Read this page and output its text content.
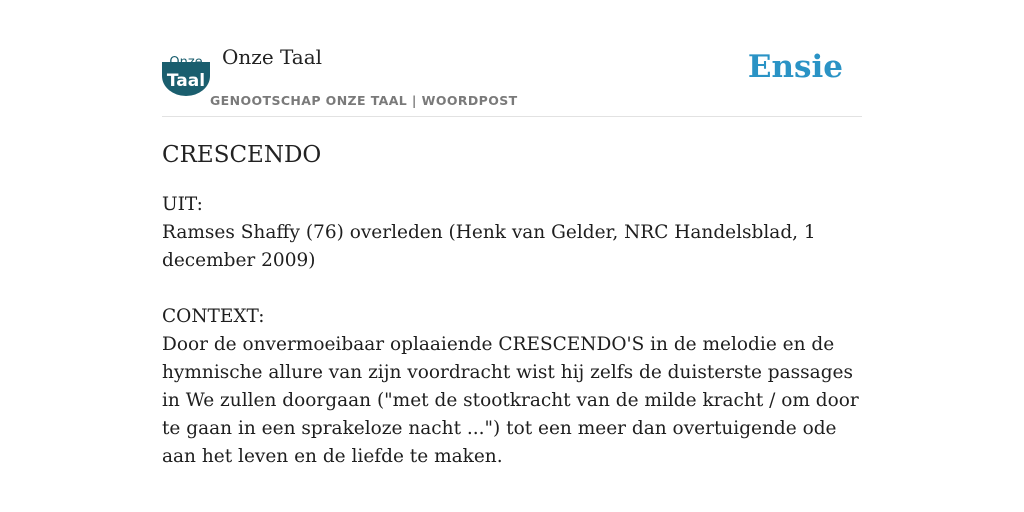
Onze
Taal
Onze Taal
GENOOTSCHAP ONZE TAAL | WOORDPOST
Ensie
CRESCENDO

UIT:

Ramses Shaffy (76) overleden (Henk van Gelder, NRC Handelsblad, 1 december 2009)

CONTEXT:

Door de onvermoeibaar oplaaiende CRESCENDO'S in de melodie en de hymnische allure van zijn voordracht wist hij zelfs de duisterste passages in We zullen doorgaan ("met de stootkracht van de milde kracht / om door te gaan in een sprakeloze nacht ...") tot een meer dan overtuigende ode aan het leven en de liefde te maken.
